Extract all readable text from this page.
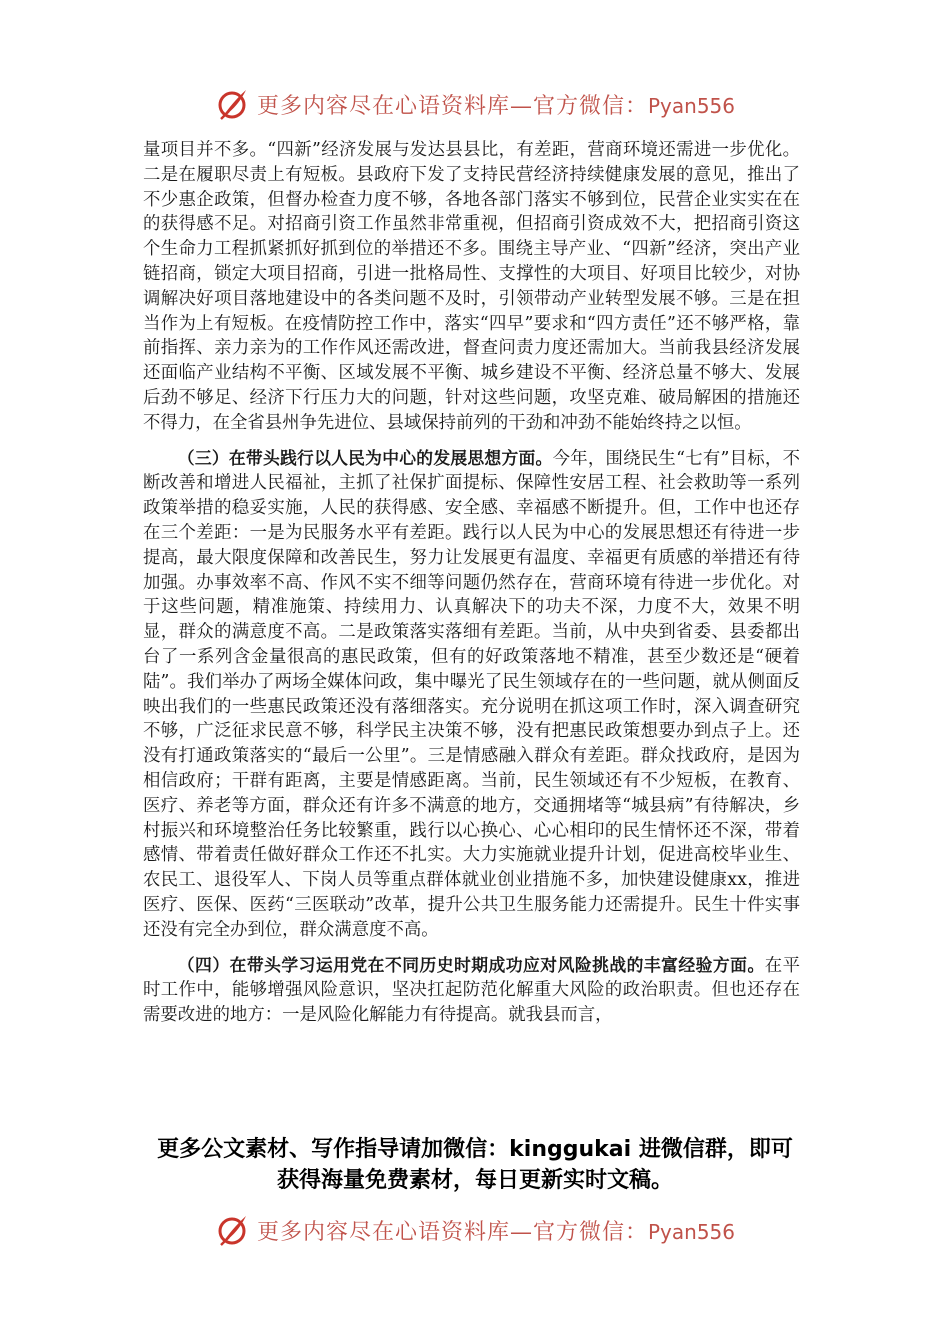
更多内容尽在心语资料库—官方微信：Pyan556

量项目并不多。“四新”经济发展与发达县县比，有差距，营商环境还需进一步优化。二是在履职尽责上有短板。县政府下发了支持民营经济持续健康发展的意见，推出了不少惠企政策，但督办检查力度不够，各地各部门落实不够到位，民营企业实实在在的获得感不足。对招商引资工作虽然非常重视，但招商引资成效不大，把招商引资这个生命力工程抓紧抓好抓到位的举措还不多。围绕主导产业、“四新”经济，突出产业链招商，锁定大项目招商，引进一批格局性、支撑性的大项目、好项目比较少，对协调解决好项目落地建设中的各类问题不及时，引领带动产业转型发展不够。三是在担当作为上有短板。在疫情防控工作中，落实“四早”要求和“四方责任”还不够严格，靠前指挥、亲力亲为的工作作风还需改进，督查问责力度还需加大。当前我县经济发展还面临产业结构不平衡、区域发展不平衡、城乡建设不平衡、经济总量不够大、发展后劲不够足、经济下行压力大的问题，针对这些问题，攻坚克难、破局解困的措施还不得力，在全省县州争先进位、县域保持前列的干劲和冲劲不能始终持之以恒。

（三）在带头践行以人民为中心的发展思想方面。今年，围绕民生“七有”目标，不断改善和增进人民福祉，主抓了社保扩面提标、保障性安居工程、社会救助等一系列政策举措的稳妥实施，人民的获得感、安全感、幸福感不断提升。但，工作中也还存在三个差距：一是为民服务水平有差距。践行以人民为中心的发展思想还有待进一步提高，最大限度保障和改善民生，努力让发展更有温度、幸福更有质感的举措还有待加强。办事效率不高、作风不实不细等问题仍然存在，营商环境有待进一步优化。对于这些问题，精准施策、持续用力、认真解决下的功夫不深，力度不大，效果不明显，群众的满意度不高。二是政策落实落细有差距。当前，从中央到省委、县委都出台了一系列含金量很高的惠民政策，但有的好政策落地不精准，甚至少数还是“硬着陆”。我们举办了两场全媒体问政，集中曝光了民生领域存在的一些问题，就从侧面反映出我们的一些惠民政策还没有落细落实。充分说明在抓这项工作时，深入调查研究不够，广泛征求民意不够，科学民主决策不够，没有把惠民政策想要办到点子上。还没有打通政策落实的“最后一公里”。三是情感融入群众有差距。群众找政府，是因为相信政府；干群有距离，主要是情感距离。当前，民生领域还有不少短板，在教育、医疗、养老等方面，群众还有许多不满意的地方，交通拥堵等“城县病”有待解决，乡村振兴和环境整治任务比较繁重，践行以心换心、心心相印的民生情怀还不深，带着感情、带着责任做好群众工作还不扎实。大力实施就业提升计划，促进高校毕业生、农民工、退役军人、下岗人员等重点群体就业创业措施不多，加快建设健康xx，推进医疗、医保、医药“三医联动”改革，提升公共卫生服务能力还需提升。民生十件实事还没有完全办到位，群众满意度不高。

（四）在带头学习运用党在不同历史时期成功应对风险挑战的丰富经验方面。在平时工作中，能够增强风险意识，坚决扛起防范化解重大风险的政治职责。但也还存在需要改进的地方：一是风险化解能力有待提高。就我县而言，

更多公文素材、写作指导请加微信：kinggukai 进微信群，即可
获得海量免费素材，每日更新实时文稿。
更多内容尽在心语资料库—官方微信：Pyan556
